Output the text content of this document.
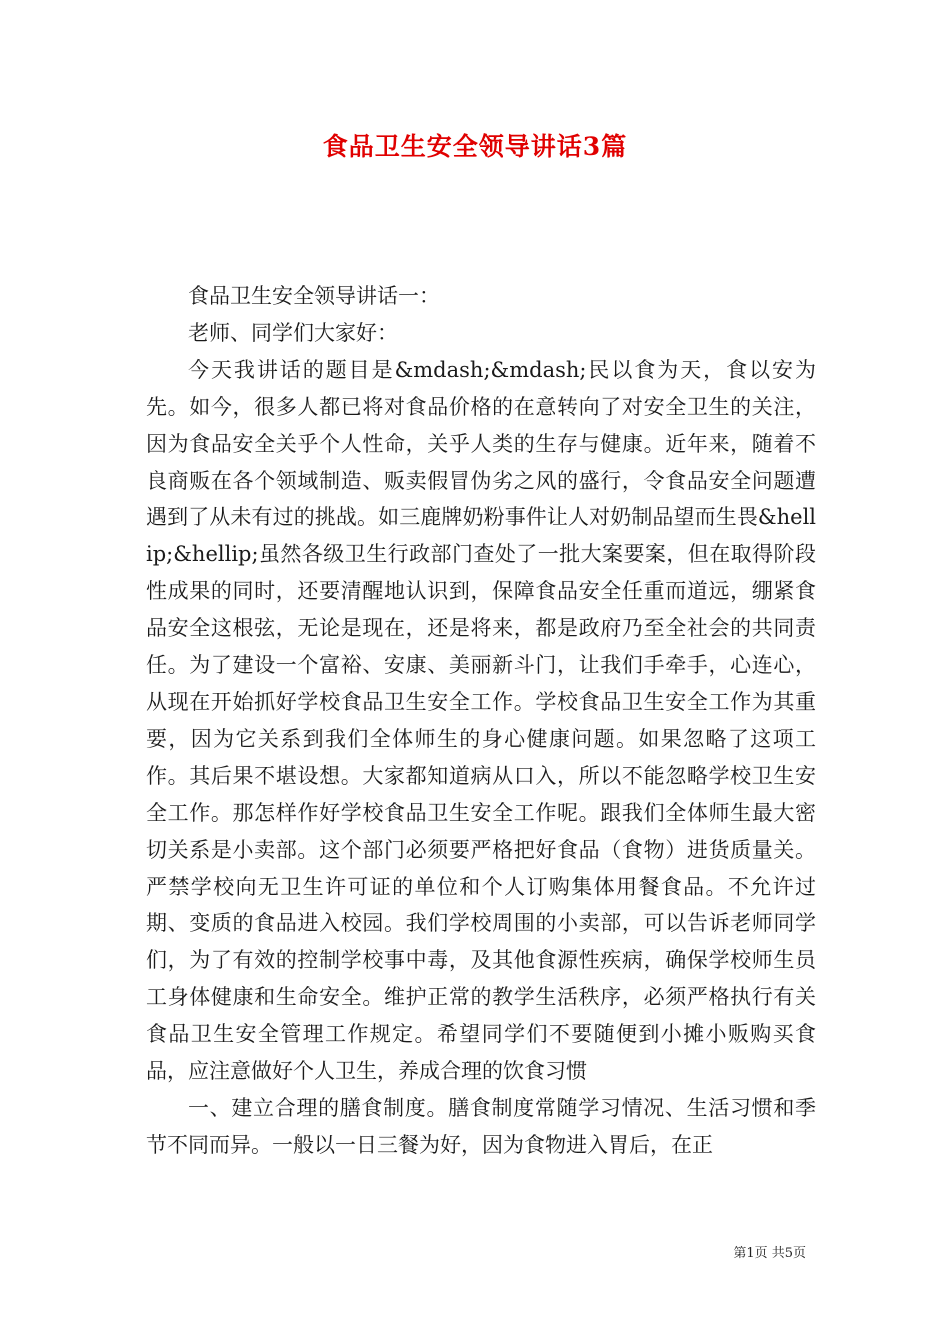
食品卫生安全领导讲话3篇

食品卫生安全领导讲话一：

老师、同学们大家好：

今天我讲话的题目是&mdash;&mdash;民以食为天，食以安为先。如今，很多人都已将对食品价格的在意转向了对安全卫生的关注，因为食品安全关乎个人性命，关乎人类的生存与健康。近年来，随着不良商贩在各个领域制造、贩卖假冒伪劣之风的盛行，令食品安全问题遭遇到了从未有过的挑战。如三鹿牌奶粉事件让人对奶制品望而生畏&hellip;&hellip;虽然各级卫生行政部门查处了一批大案要案，但在取得阶段性成果的同时，还要清醒地认识到，保障食品安全任重而道远，绷紧食品安全这根弦，无论是现在，还是将来，都是政府乃至全社会的共同责任。为了建设一个富裕、安康、美丽新斗门，让我们手牵手，心连心，从现在开始抓好学校食品卫生安全工作。学校食品卫生安全工作为其重要，因为它关系到我们全体师生的身心健康问题。如果忽略了这项工作。其后果不堪设想。大家都知道病从口入，所以不能忽略学校卫生安全工作。那怎样作好学校食品卫生安全工作呢。跟我们全体师生最大密切关系是小卖部。这个部门必须要严格把好食品（食物）进货质量关。严禁学校向无卫生许可证的单位和个人订购集体用餐食品。不允许过期、变质的食品进入校园。我们学校周围的小卖部，可以告诉老师同学们，为了有效的控制学校事中毒，及其他食源性疾病，确保学校师生员工身体健康和生命安全。维护正常的教学生活秩序，必须严格执行有关食品卫生安全管理工作规定。希望同学们不要随便到小摊小贩购买食品，应注意做好个人卫生，养成合理的饮食习惯

一、建立合理的膳食制度。膳食制度常随学习情况、生活习惯和季节不同而异。一般以一日三餐为好，因为食物进入胃后，在正

第1页 共5页
